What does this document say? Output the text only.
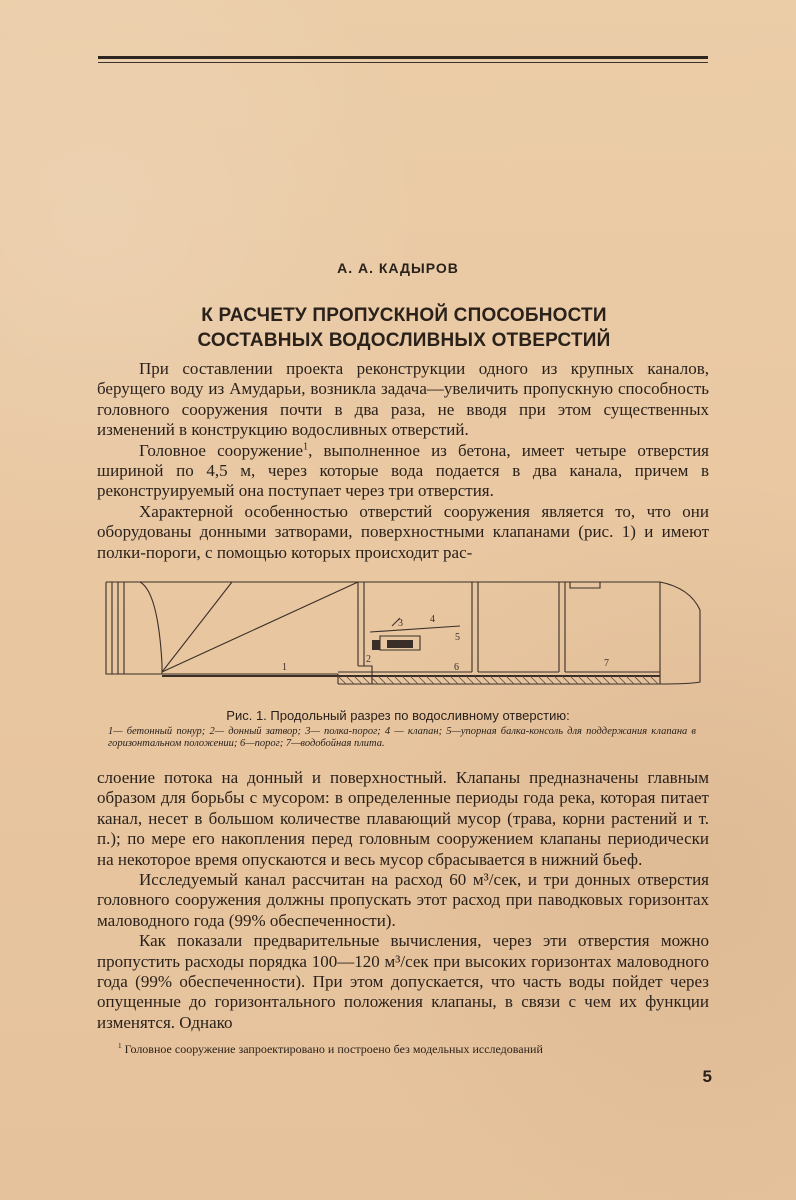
А. А. КАДЫРОВ
К РАСЧЕТУ ПРОПУСКНОЙ СПОСОБНОСТИ
СОСТАВНЫХ ВОДОСЛИВНЫХ ОТВЕРСТИЙ

При составлении проекта реконструкции одного из крупных каналов, берущего воду из Амударьи, возникла задача—увеличить пропускную способность головного сооружения почти в два раза, не вводя при этом существенных изменений в конструкцию водосливных отверстий.

Головное сооружение$^1$, выполненное из бетона, имеет четыре отверстия шириной по 4,5 м, через которые вода подается в два канала, причем в реконструируемый она поступает через три отверстия.

Характерной особенностью отверстий сооружения является то, что они оборудованы донными затворами, поверхностными клапанами (рис. 1) и имеют полки-пороги, с помощью которых происходит рас-

1
2
3	4
5
6	7
Рис. 1. Продольный разрез по водосливному отверстию:
1— бетонный понур; 2— донный затвор; 3— полка-порог; 4 — клапан; 5—упорная балка-консоль для поддержания клапана в горизонтальном положении; 6—порог; 7—водобойная плита.

слоение потока на донный и поверхностный. Клапаны предназначены главным образом для борьбы с мусором: в определенные периоды года река, которая питает канал, несет в большом количестве плавающий мусор (трава, корни растений и т. п.); по мере его накопления перед головным сооружением клапаны периодически на некоторое время опускаются и весь мусор сбрасывается в нижний бьеф.

Исследуемый канал рассчитан на расход 60 м³/сек, и три донных отверстия головного сооружения должны пропускать этот расход при паводковых горизонтах маловодного года (99% обеспеченности).

Как показали предварительные вычисления, через эти отверстия можно пропустить расходы порядка 100—120 м³/сек при высоких горизонтах маловодного года (99% обеспеченности). При этом допускается, что часть воды пойдет через опущенные до горизонтального положения клапаны, в связи с чем их функции изменятся. Однако

$^1$ Головное сооружение запроектировано и построено без модельных исследований
5
